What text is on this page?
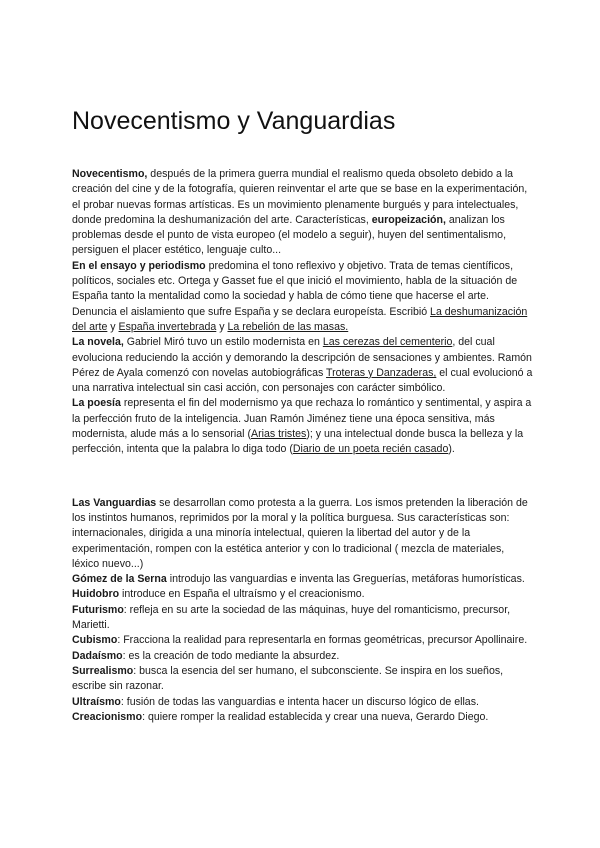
Novecentismo y Vanguardias

Novecentismo, después de la primera guerra mundial el realismo queda obsoleto debido a la creación del cine y de la fotografía, quieren reinventar el arte que se base en la experimentación, el probar nuevas formas artísticas. Es un movimiento plenamente burgués y para intelectuales, donde predomina la deshumanización del arte. Características, europeización, analizan los problemas desde el punto de vista europeo (el modelo a seguir), huyen del sentimentalismo, persiguen el placer estético, lenguaje culto...

En el ensayo y periodismo predomina el tono reflexivo y objetivo. Trata de temas científicos, políticos, sociales etc. Ortega y Gasset fue el que inició el movimiento, habla de la situación de España tanto la mentalidad como la sociedad y habla de cómo tiene que hacerse el arte. Denuncia el aislamiento que sufre España y se declara europeísta. Escribió La deshumanización del arte y España invertebrada y La rebelión de las masas.

La novela, Gabriel Miró tuvo un estilo modernista en Las cerezas del cementerio, del cual evoluciona reduciendo la acción y demorando la descripción de sensaciones y ambientes. Ramón Pérez de Ayala comenzó con novelas autobiográficas Troteras y Danzaderas, el cual evolucionó a una narrativa intelectual sin casi acción, con personajes con carácter simbólico.

La poesía representa el fin del modernismo ya que rechaza lo romántico y sentimental, y aspira a la perfección fruto de la inteligencia. Juan Ramón Jiménez tiene una época sensitiva, más modernista, alude más a lo sensorial (Arias tristes); y una intelectual donde busca la belleza y la perfección, intenta que la palabra lo diga todo (Diario de un poeta recién casado).

Las Vanguardias se desarrollan como protesta a la guerra. Los ismos pretenden la liberación de los instintos humanos, reprimidos por la moral y la política burguesa. Sus características son: internacionales, dirigida a una minoría intelectual, quieren la libertad del autor y de la experimentación, rompen con la estética anterior y con lo tradicional ( mezcla de materiales, léxico nuevo...)

Gómez de la Serna introdujo las vanguardias e inventa las Greguerías, metáforas humorísticas. Huidobro introduce en España el ultraísmo y el creacionismo.

Futurismo: refleja en su arte la sociedad de las máquinas, huye del romanticismo, precursor, Marietti.

Cubismo: Fracciona la realidad para representarla en formas geométricas, precursor Apollinaire.

Dadaísmo: es la creación de todo mediante la absurdez.

Surrealismo: busca la esencia del ser humano, el subconsciente. Se inspira en los sueños, escribe sin razonar.

Ultraísmo: fusión de todas las vanguardias e intenta hacer un discurso lógico de ellas.

Creacionismo: quiere romper la realidad establecida y crear una nueva, Gerardo Diego.
